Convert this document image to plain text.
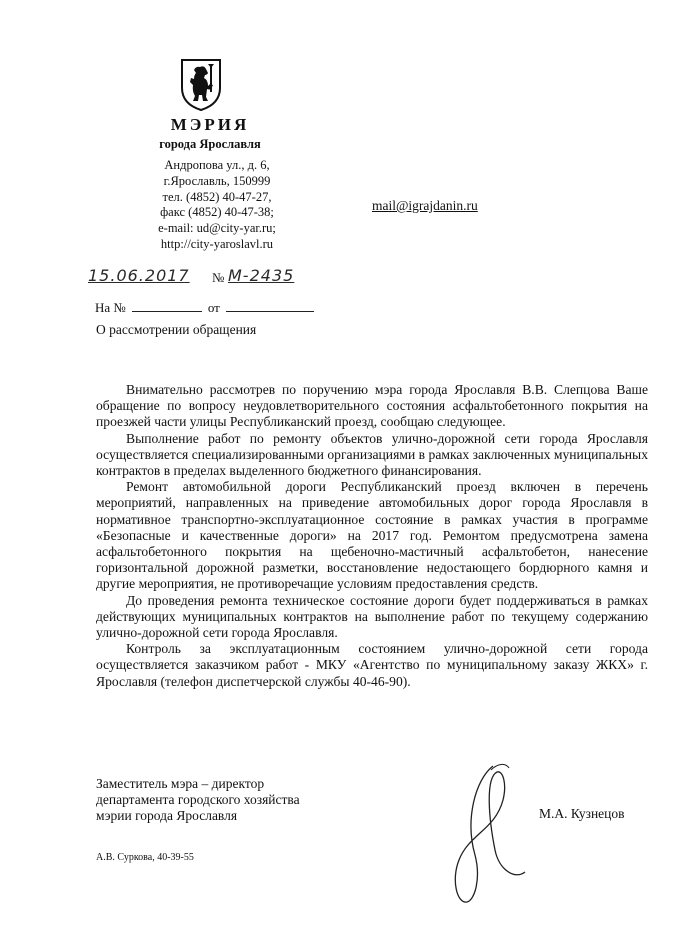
МЭРИЯ
города Ярославля
Андропова ул., д. 6,
г.Ярославль, 150999
тел. (4852) 40-47-27,
факс (4852) 40-47-38;
e-mail: ud@city-yar.ru;
http://city-yaroslavl.ru
mail@igrajdanin.ru
15.06.2017 № М-2435
На №	от
О рассмотрении обращения

Внимательно рассмотрев по поручению мэра города Ярославля В.В. Слепцова Ваше обращение по вопросу неудовлетворительного состояния асфальтобетонного покрытия на проезжей части улицы Республиканский проезд, сообщаю следующее.

Выполнение работ по ремонту объектов улично-дорожной сети города Ярославля осуществляется специализированными организациями в рамках заключенных муниципальных контрактов в пределах выделенного бюджетного финансирования.

Ремонт автомобильной дороги Республиканский проезд включен в перечень мероприятий, направленных на приведение автомобильных дорог города Ярославля в нормативное транспортно-эксплуатационное состояние в рамках участия в программе «Безопасные и качественные дороги» на 2017 год. Ремонтом предусмотрена замена асфальтобетонного покрытия на щебеночно-мастичный асфальтобетон, нанесение горизонтальной дорожной разметки, восстановление недостающего бордюрного камня и другие мероприятия, не противоречащие условиям предоставления средств.

До проведения ремонта техническое состояние дороги будет поддерживаться в рамках действующих муниципальных контрактов на выполнение работ по текущему содержанию улично-дорожной сети города Ярославля.

Контроль за эксплуатационным состоянием улично-дорожной сети города осуществляется заказчиком работ - МКУ «Агентство по муниципальному заказу ЖКХ» г. Ярославля (телефон диспетчерской службы 40-46-90).

Заместитель мэра – директор
департамента городского хозяйства
мэрии города Ярославля	М.А. Кузнецов
А.В. Суркова, 40-39-55
